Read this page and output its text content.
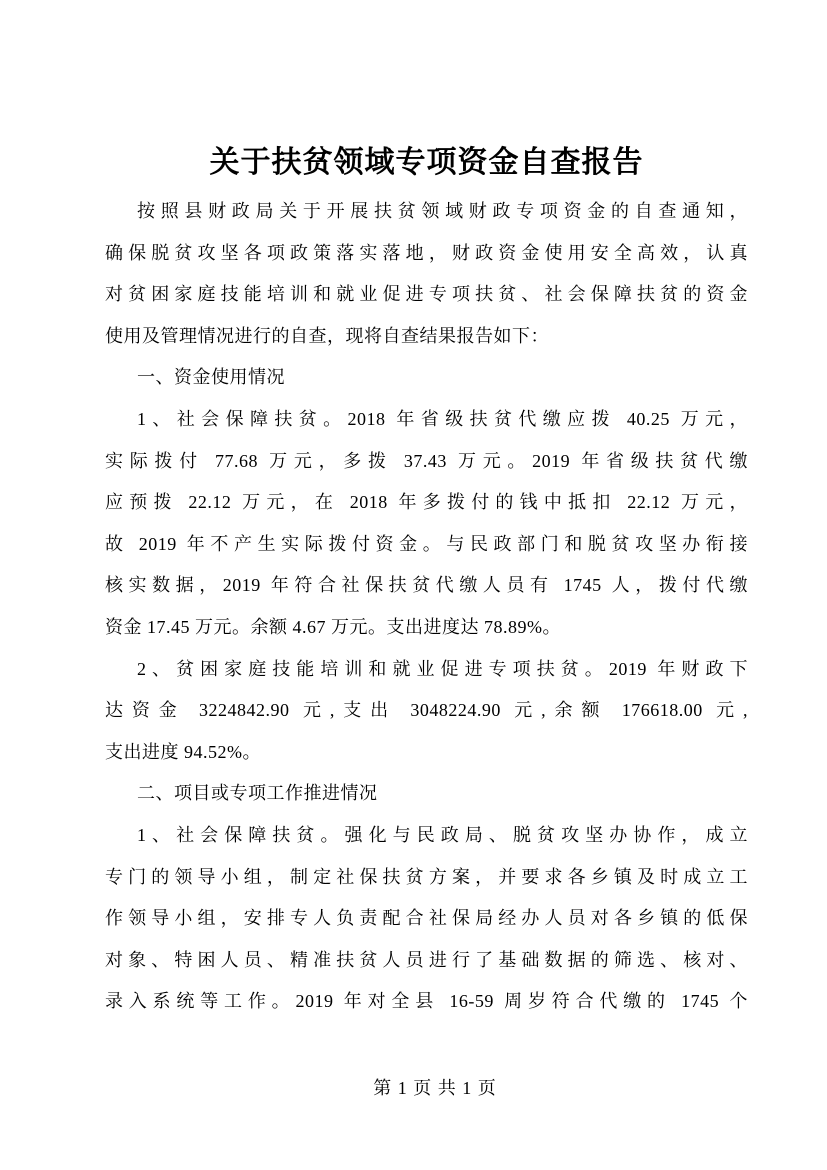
关于扶贫领域专项资金自查报告
按照县财政局关于开展扶贫领域财政专项资金的自查通知，
确保脱贫攻坚各项政策落实落地，财政资金使用安全高效，认真
对贫困家庭技能培训和就业促进专项扶贫、社会保障扶贫的资金
使用及管理情况进行的自查，现将自查结果报告如下：
一、资金使用情况
1、社会保障扶贫。2018 年省级扶贫代缴应拨 40.25 万元，
实际拨付 77.68 万元，多拨 37.43 万元。2019 年省级扶贫代缴
应预拨 22.12 万元，在 2018 年多拨付的钱中抵扣 22.12 万元，
故 2019 年不产生实际拨付资金。与民政部门和脱贫攻坚办衔接
核实数据，2019 年符合社保扶贫代缴人员有 1745 人，拨付代缴
资金 17.45 万元。余额 4.67 万元。支出进度达 78.89%。
2、贫困家庭技能培训和就业促进专项扶贫。2019 年财政下
达资金 3224842.90 元,支出 3048224.90 元,余额 176618.00 元,
支出进度 94.52%。
二、项目或专项工作推进情况
1、社会保障扶贫。强化与民政局、脱贫攻坚办协作，成立
专门的领导小组，制定社保扶贫方案，并要求各乡镇及时成立工
作领导小组，安排专人负责配合社保局经办人员对各乡镇的低保
对象、特困人员、精准扶贫人员进行了基础数据的筛选、核对、
录入系统等工作。2019 年对全县 16-59 周岁符合代缴的 1745 个
第 1 页 共 1 页
